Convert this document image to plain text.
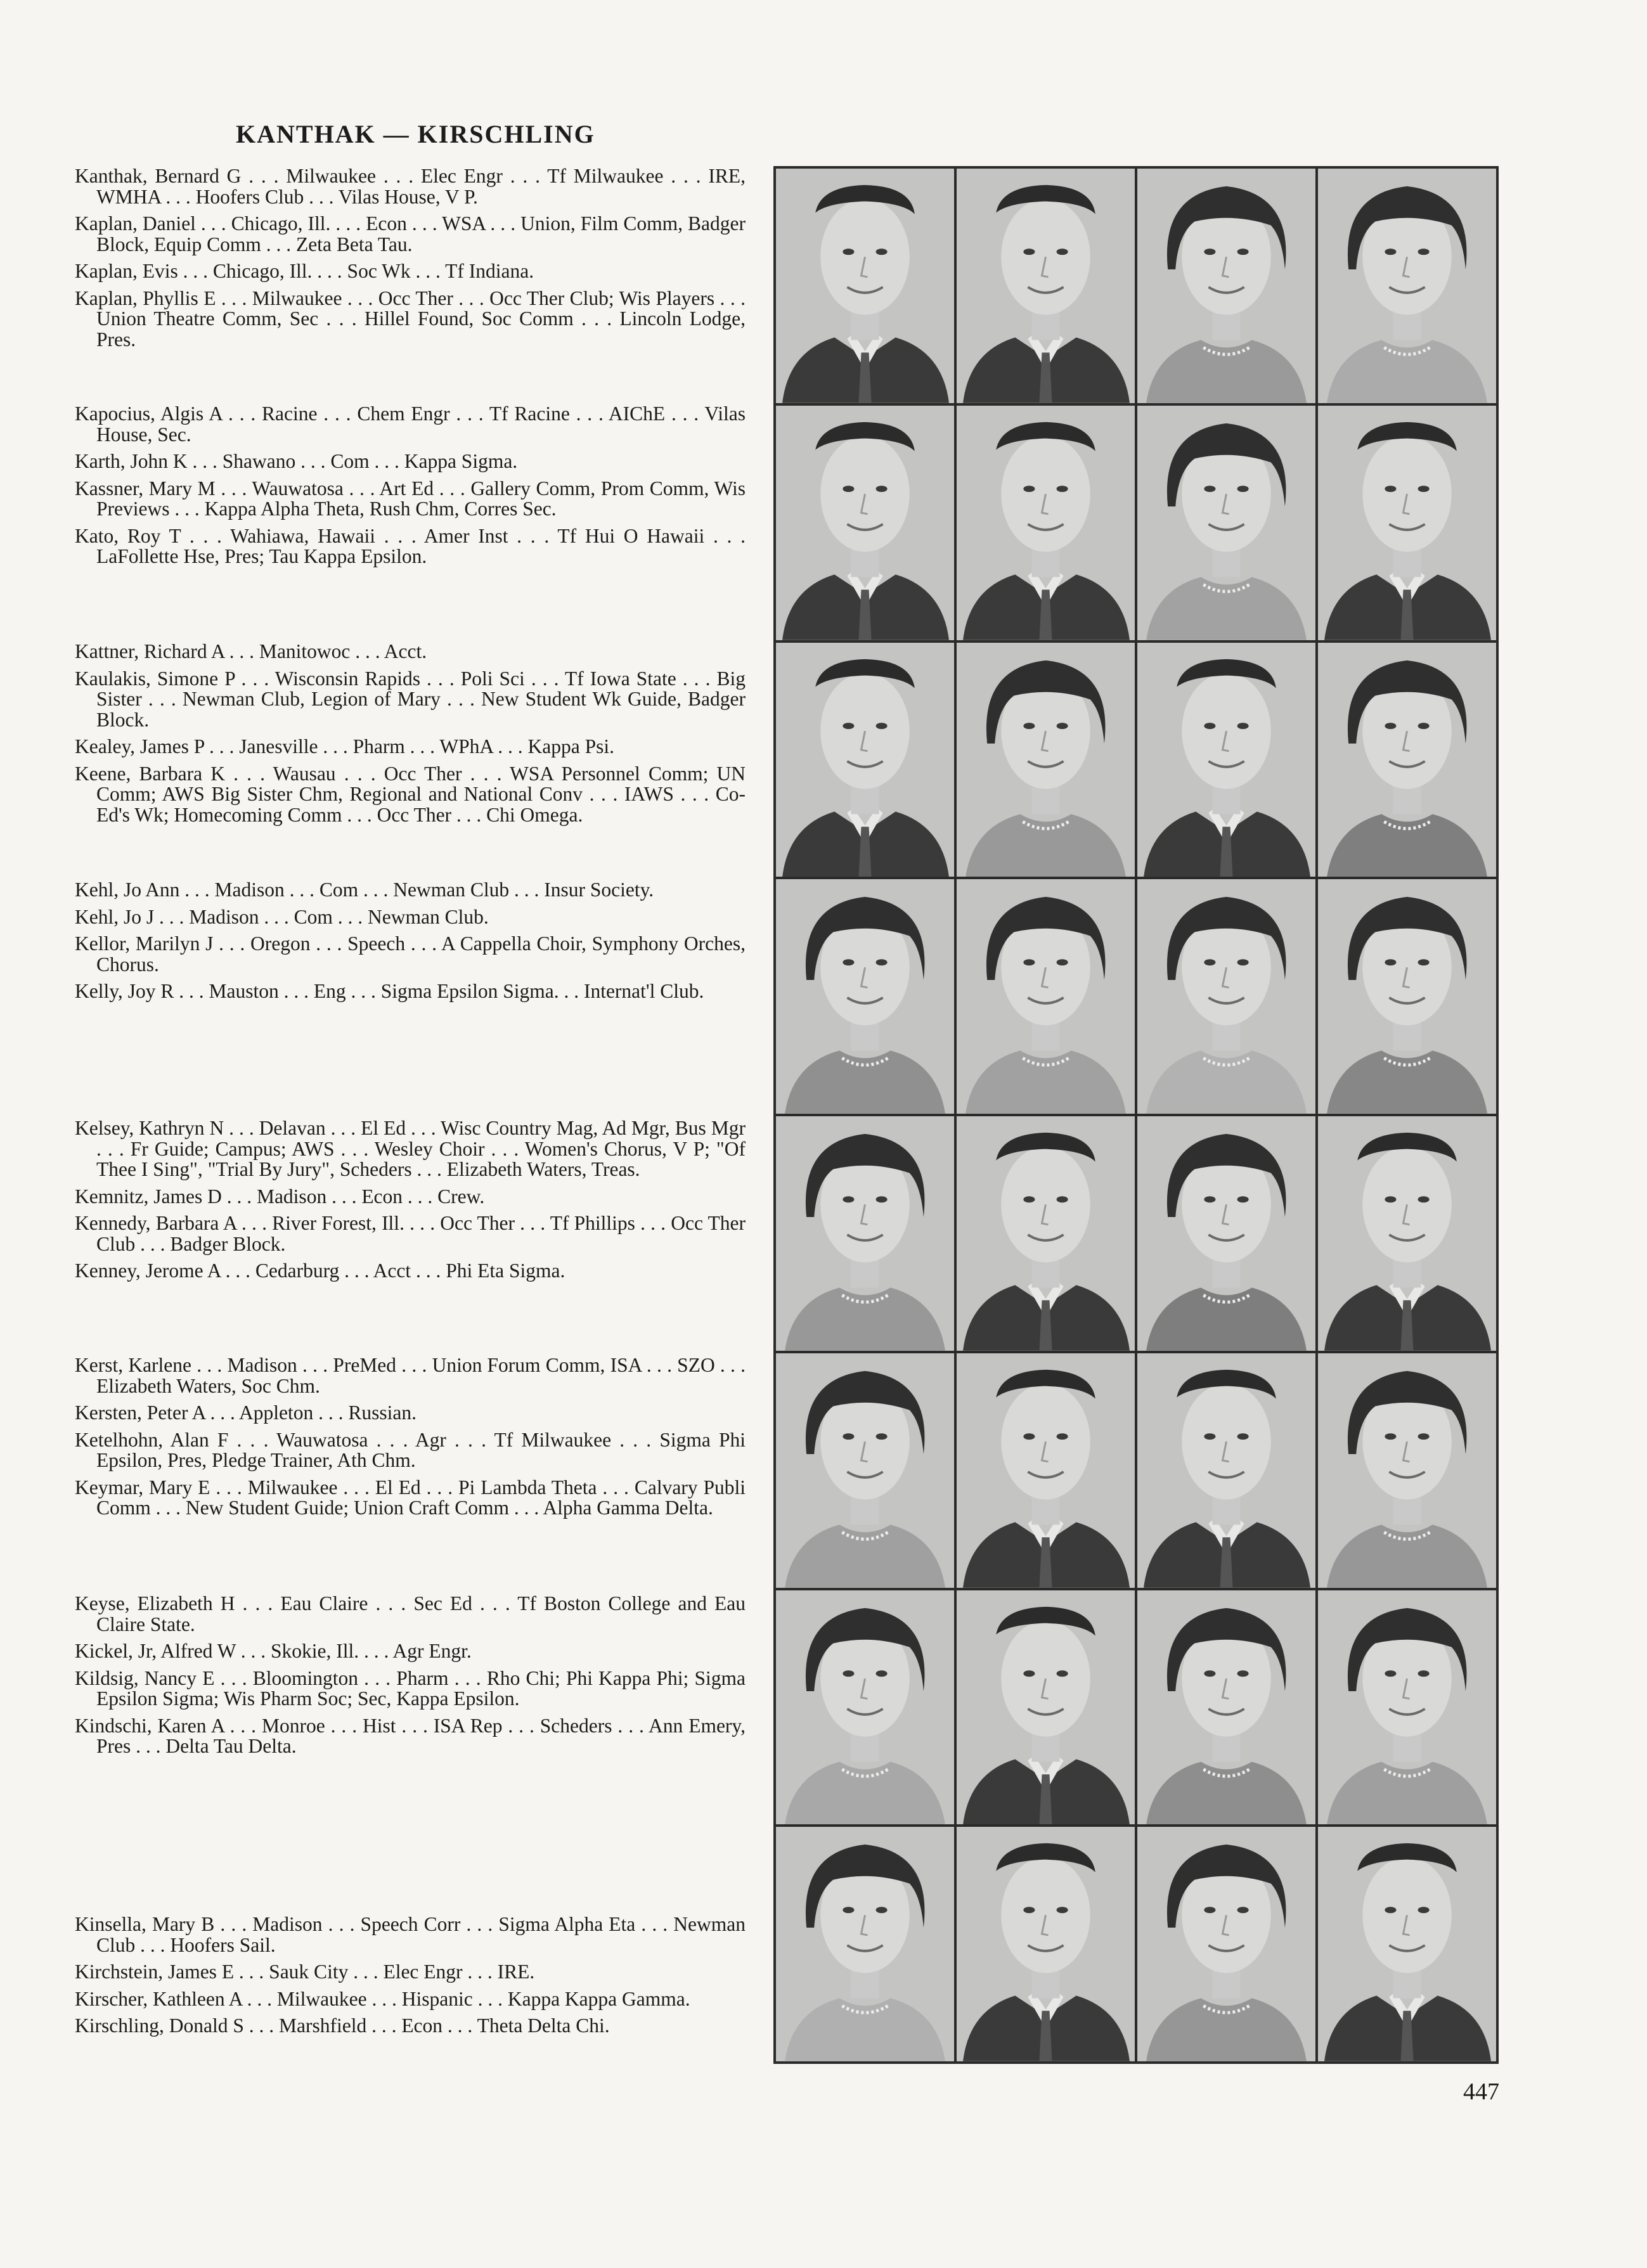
KANTHAK — KIRSCHLING

Kanthak, Bernard G . . . Milwaukee . . . Elec Engr . . . Tf Milwaukee . . . IRE, WMHA . . . Hoofers Club . . . Vilas House, V P.

Kaplan, Daniel . . . Chicago, Ill. . . . Econ . . . WSA . . . Union, Film Comm, Badger Block, Equip Comm . . . Zeta Beta Tau.

Kaplan, Evis . . . Chicago, Ill. . . . Soc Wk . . . Tf Indiana.

Kaplan, Phyllis E . . . Milwaukee . . . Occ Ther . . . Occ Ther Club; Wis Players . . . Union Theatre Comm, Sec . . . Hillel Found, Soc Comm . . . Lincoln Lodge, Pres.

Kapocius, Algis A . . . Racine . . . Chem Engr . . . Tf Racine . . . AIChE . . . Vilas House, Sec.

Karth, John K . . . Shawano . . . Com . . . Kappa Sigma.

Kassner, Mary M . . . Wauwatosa . . . Art Ed . . . Gallery Comm, Prom Comm, Wis Previews . . . Kappa Alpha Theta, Rush Chm, Corres Sec.

Kato, Roy T . . . Wahiawa, Hawaii . . . Amer Inst . . . Tf Hui O Hawaii . . . LaFollette Hse, Pres; Tau Kappa Epsilon.

Kattner, Richard A . . . Manitowoc . . . Acct.

Kaulakis, Simone P . . . Wisconsin Rapids . . . Poli Sci . . . Tf Iowa State . . . Big Sister . . . Newman Club, Legion of Mary . . . New Student Wk Guide, Badger Block.

Kealey, James P . . . Janesville . . . Pharm . . . WPhA . . . Kappa Psi.

Keene, Barbara K . . . Wausau . . . Occ Ther . . . WSA Personnel Comm; UN Comm; AWS Big Sister Chm, Regional and National Conv . . . IAWS . . . Co-Ed's Wk; Homecoming Comm . . . Occ Ther . . . Chi Omega.

Kehl, Jo Ann . . . Madison . . . Com . . . Newman Club . . . Insur Society.

Kehl, Jo J . . . Madison . . . Com . . . Newman Club.

Kellor, Marilyn J . . . Oregon . . . Speech . . . A Cappella Choir, Symphony Orches, Chorus.

Kelly, Joy R . . . Mauston . . . Eng . . . Sigma Epsilon Sigma. . . Internat'l Club.

Kelsey, Kathryn N . . . Delavan . . . El Ed . . . Wisc Country Mag, Ad Mgr, Bus Mgr . . . Fr Guide; Campus; AWS . . . Wesley Choir . . . Women's Chorus, V P; "Of Thee I Sing", "Trial By Jury", Scheders . . . Elizabeth Waters, Treas.

Kemnitz, James D . . . Madison . . . Econ . . . Crew.

Kennedy, Barbara A . . . River Forest, Ill. . . . Occ Ther . . . Tf Phillips . . . Occ Ther Club . . . Badger Block.

Kenney, Jerome A . . . Cedarburg . . . Acct . . . Phi Eta Sigma.

Kerst, Karlene . . . Madison . . . PreMed . . . Union Forum Comm, ISA . . . SZO . . . Elizabeth Waters, Soc Chm.

Kersten, Peter A . . . Appleton . . . Russian.

Ketelhohn, Alan F . . . Wauwatosa . . . Agr . . . Tf Milwaukee . . . Sigma Phi Epsilon, Pres, Pledge Trainer, Ath Chm.

Keymar, Mary E . . . Milwaukee . . . El Ed . . . Pi Lambda Theta . . . Calvary Publi Comm . . . New Student Guide; Union Craft Comm . . . Alpha Gamma Delta.

Keyse, Elizabeth H . . . Eau Claire . . . Sec Ed . . . Tf Boston College and Eau Claire State.

Kickel, Jr, Alfred W . . . Skokie, Ill. . . . Agr Engr.

Kildsig, Nancy E . . . Bloomington . . . Pharm . . . Rho Chi; Phi Kappa Phi; Sigma Epsilon Sigma; Wis Pharm Soc; Sec, Kappa Epsilon.

Kindschi, Karen A . . . Monroe . . . Hist . . . ISA Rep . . . Scheders . . . Ann Emery, Pres . . . Delta Tau Delta.

Kinsella, Mary B . . . Madison . . . Speech Corr . . . Sigma Alpha Eta . . . Newman Club . . . Hoofers Sail.

Kirchstein, James E . . . Sauk City . . . Elec Engr . . . IRE.

Kirscher, Kathleen A . . . Milwaukee . . . Hispanic . . . Kappa Kappa Gamma.

Kirschling, Donald S . . . Marshfield . . . Econ . . . Theta Delta Chi.

447
